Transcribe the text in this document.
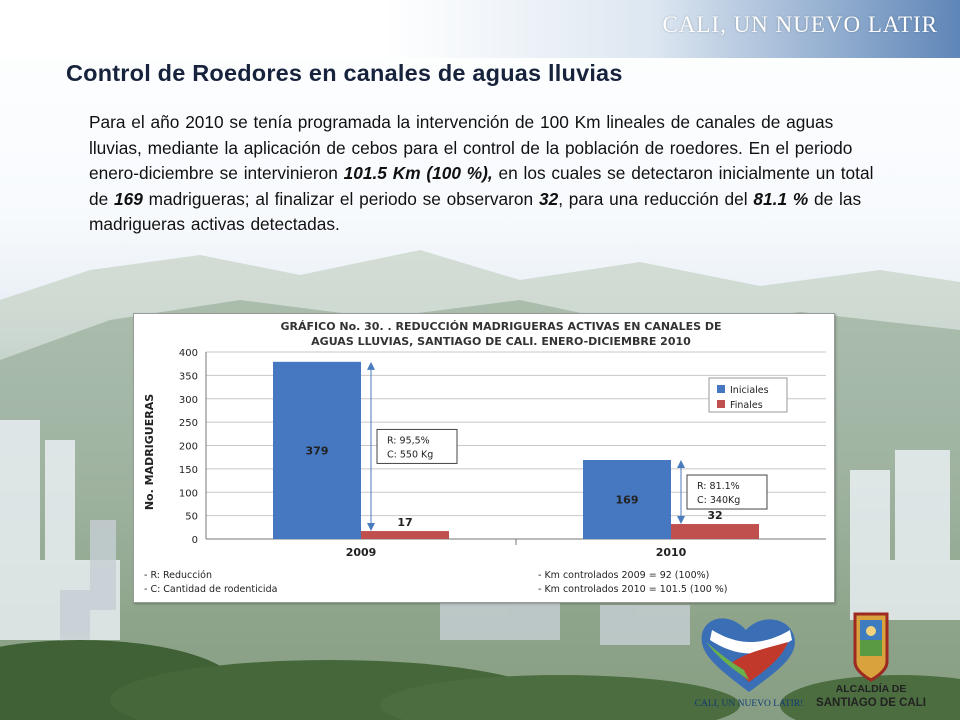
CALI, UN NUEVO LATIR
Control de Roedores en canales de aguas lluvias

Para el año 2010 se tenía programada la intervención de 100 Km lineales de canales de aguas lluvias, mediante la aplicación de cebos para el control de la población de roedores. En el periodo enero-diciembre se intervinieron 101.5 Km (100 %), en los cuales se detectaron inicialmente un total de 169 madrigueras; al finalizar el periodo se observaron 32, para una reducción del 81.1 % de las madrigueras activas detectadas.

GRÁFICO No. 30. . REDUCCIÓN MADRIGUERAS ACTIVAS EN CANALES DE
AGUAS LLUVIAS, SANTIAGO DE CALI. ENERO-DICIEMBRE 2010
No. MADRIGUERAS
0
50
100
150
200
250
300
350
400
379
17
169
32
2009	2010
R: 95,5%
C: 550 Kg
R: 81.1%
C: 340Kg
Iniciales
Finales
- R: Reducción
- C: Cantidad de rodenticida
- Km controlados 2009 = 92 (100%)
- Km controlados 2010 = 101.5 (100 %)
CALI, UN NUEVO LATIR!
ALCALDÍA DE
SANTIAGO DE CALI
